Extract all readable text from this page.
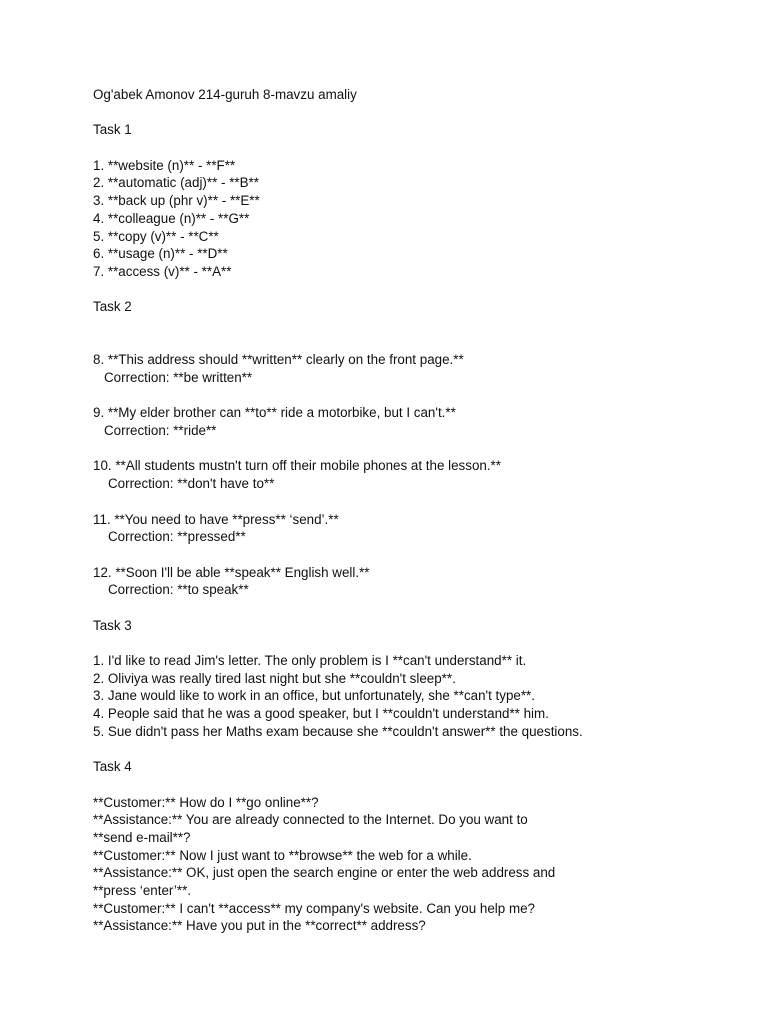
Og'abek Amonov 214-guruh 8-mavzu amaliy
Task 1
1. **website (n)** - **F**
2. **automatic (adj)** - **B**
3. **back up (phr v)** - **E**
4. **colleague (n)** - **G**
5. **copy (v)** - **C**
6. **usage (n)** - **D**
7. **access (v)** - **A**
Task 2
8. **This address should **written** clearly on the front page.**
Correction: **be written**
9. **My elder brother can **to** ride a motorbike, but I can't.**
Correction: **ride**
10. **All students mustn't turn off their mobile phones at the lesson.**
Correction: **don't have to**
11. **You need to have **press** ‘send’.**
Correction: **pressed**
12. **Soon I'll be able **speak** English well.**
Correction: **to speak**
Task 3
1. I'd like to read Jim's letter. The only problem is I **can't understand** it.
2. Oliviya was really tired last night but she **couldn't sleep**.
3. Jane would like to work in an office, but unfortunately, she **can't type**.
4. People said that he was a good speaker, but I **couldn't understand** him.
5. Sue didn't pass her Maths exam because she **couldn't answer** the questions.
Task 4
**Customer:** How do I **go online**?
**Assistance:** You are already connected to the Internet. Do you want to
**send e-mail**?
**Customer:** Now I just want to **browse** the web for a while.
**Assistance:** OK, just open the search engine or enter the web address and
**press ‘enter’**.
**Customer:** I can't **access** my company's website. Can you help me?
**Assistance:** Have you put in the **correct** address?
